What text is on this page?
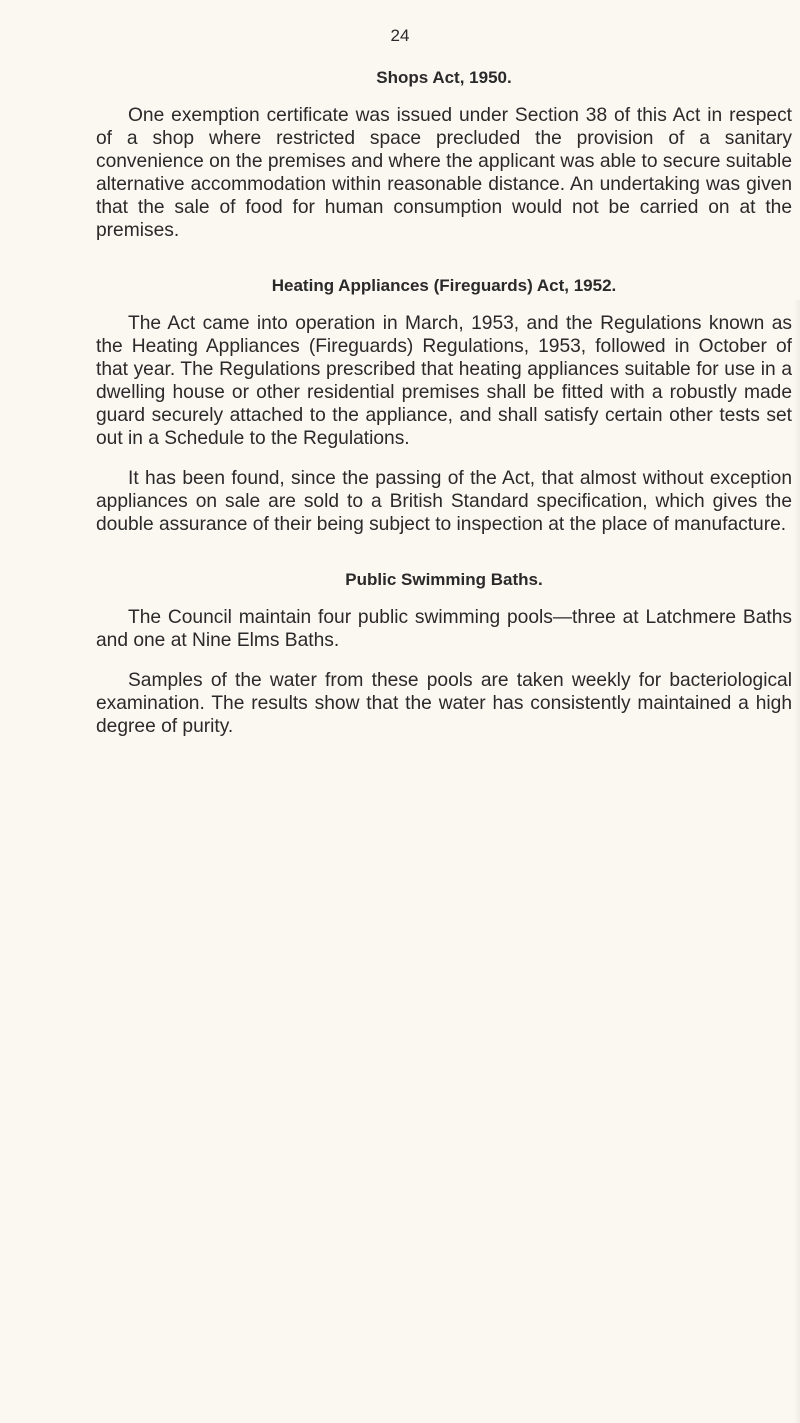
24
Shops Act, 1950.

One exemption certificate was issued under Section 38 of this Act in respect of a shop where restricted space precluded the provision of a sanitary convenience on the premises and where the applicant was able to secure suitable alternative accommodation within reasonable distance. An undertaking was given that the sale of food for human consumption would not be carried on at the premises.

Heating Appliances (Fireguards) Act, 1952.

The Act came into operation in March, 1953, and the Regulations known as the Heating Appliances (Fireguards) Regulations, 1953, followed in October of that year. The Regulations prescribed that heating appliances suitable for use in a dwelling house or other residential premises shall be fitted with a robustly made guard securely attached to the appliance, and shall satisfy certain other tests set out in a Schedule to the Regulations.

It has been found, since the passing of the Act, that almost without exception appliances on sale are sold to a British Standard specification, which gives the double assurance of their being subject to inspection at the place of manufacture.

Public Swimming Baths.

The Council maintain four public swimming pools—three at Latchmere Baths and one at Nine Elms Baths.

Samples of the water from these pools are taken weekly for bacteriological examination. The results show that the water has consistently maintained a high degree of purity.
